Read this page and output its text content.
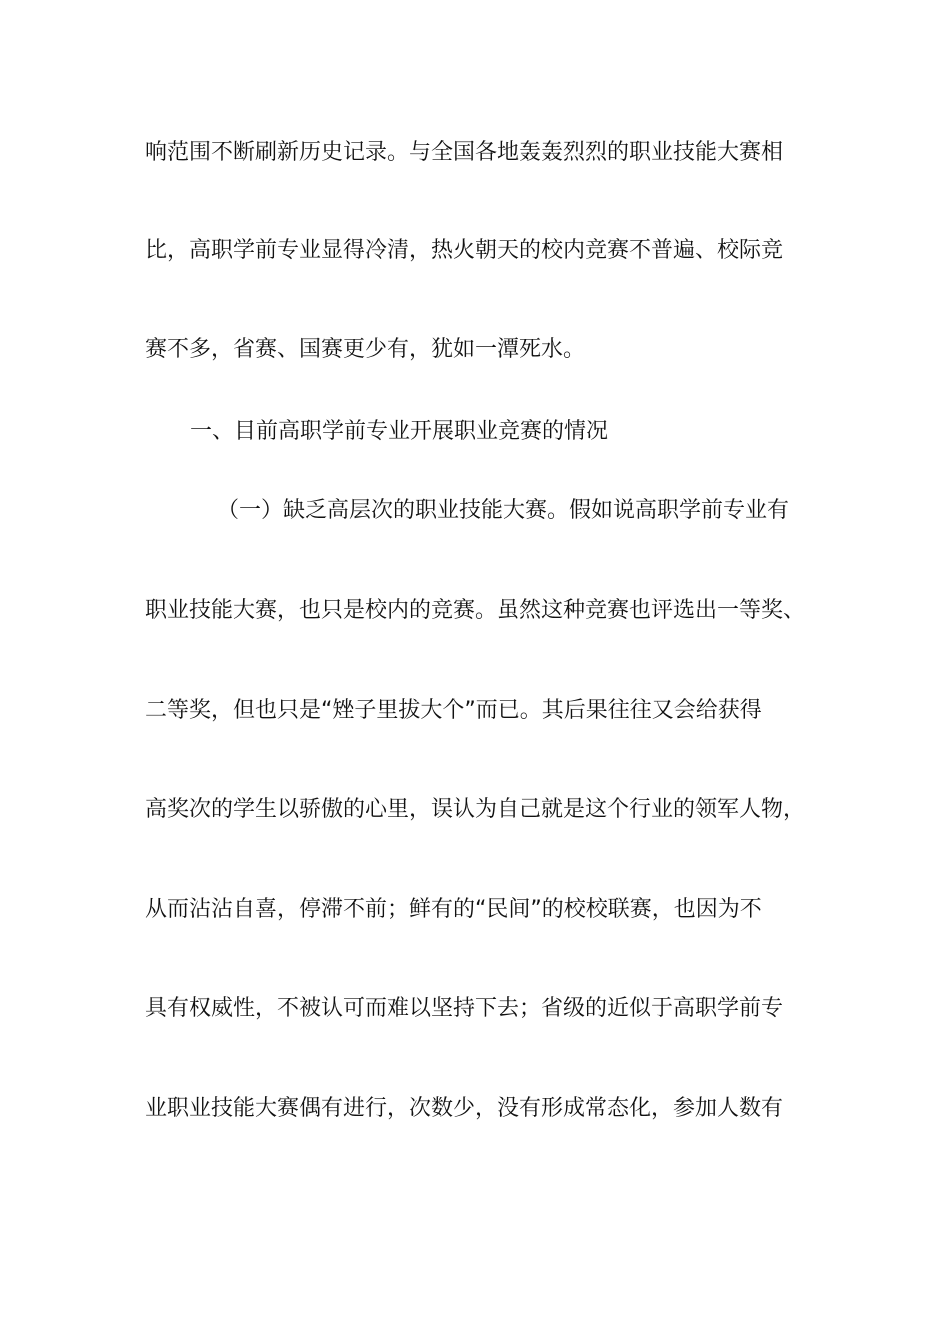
响范围不断刷新历史记录。与全国各地轰轰烈烈的职业技能大赛相
比，高职学前专业显得冷清，热火朝天的校内竞赛不普遍、校际竞
赛不多，省赛、国赛更少有，犹如一潭死水。
一、目前高职学前专业开展职业竞赛的情况
（一）缺乏高层次的职业技能大赛。假如说高职学前专业有
职业技能大赛，也只是校内的竞赛。虽然这种竞赛也评选出一等奖、
二等奖，但也只是“矬子里拔大个”而已。其后果往往又会给获得
高奖次的学生以骄傲的心里，误认为自己就是这个行业的领军人物，
从而沾沾自喜，停滞不前；鲜有的“民间”的校校联赛，也因为不
具有权威性，不被认可而难以坚持下去；省级的近似于高职学前专
业职业技能大赛偶有进行，次数少，没有形成常态化，参加人数有
